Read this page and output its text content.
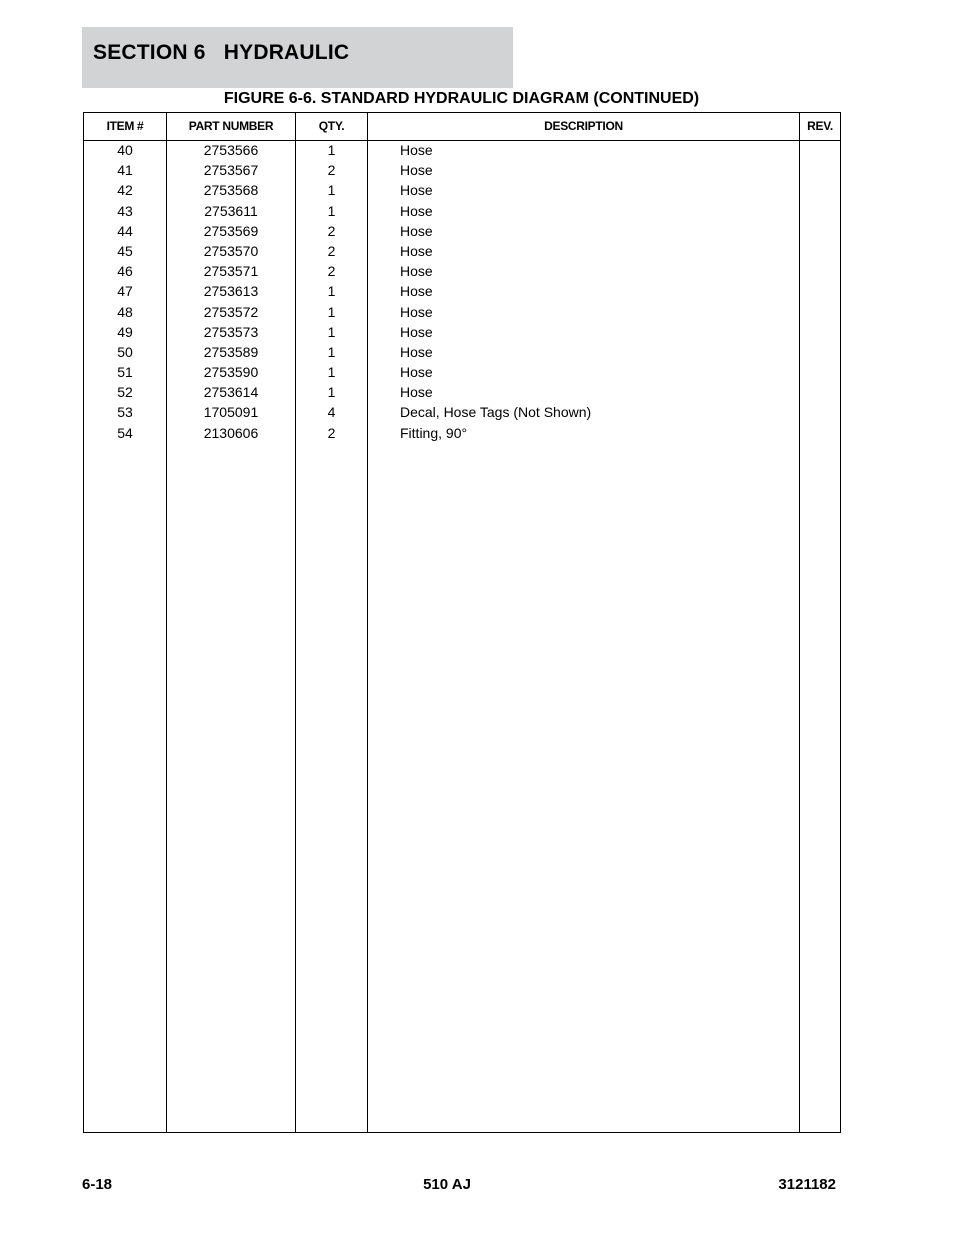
SECTION 6   HYDRAULIC
FIGURE 6-6. STANDARD HYDRAULIC DIAGRAM (CONTINUED)
ITEM #	PART NUMBER	QTY.	DESCRIPTION	REV.
40	2753566	1	Hose
41	2753567	2	Hose
42	2753568	1	Hose
43	2753611	1	Hose
44	2753569	2	Hose
45	2753570	2	Hose
46	2753571	2	Hose
47	2753613	1	Hose
48	2753572	1	Hose
49	2753573	1	Hose
50	2753589	1	Hose
51	2753590	1	Hose
52	2753614	1	Hose
53	1705091	4	Decal, Hose Tags (Not Shown)
54	2130606	2	Fitting, 90°
6-18	510 AJ	3121182
